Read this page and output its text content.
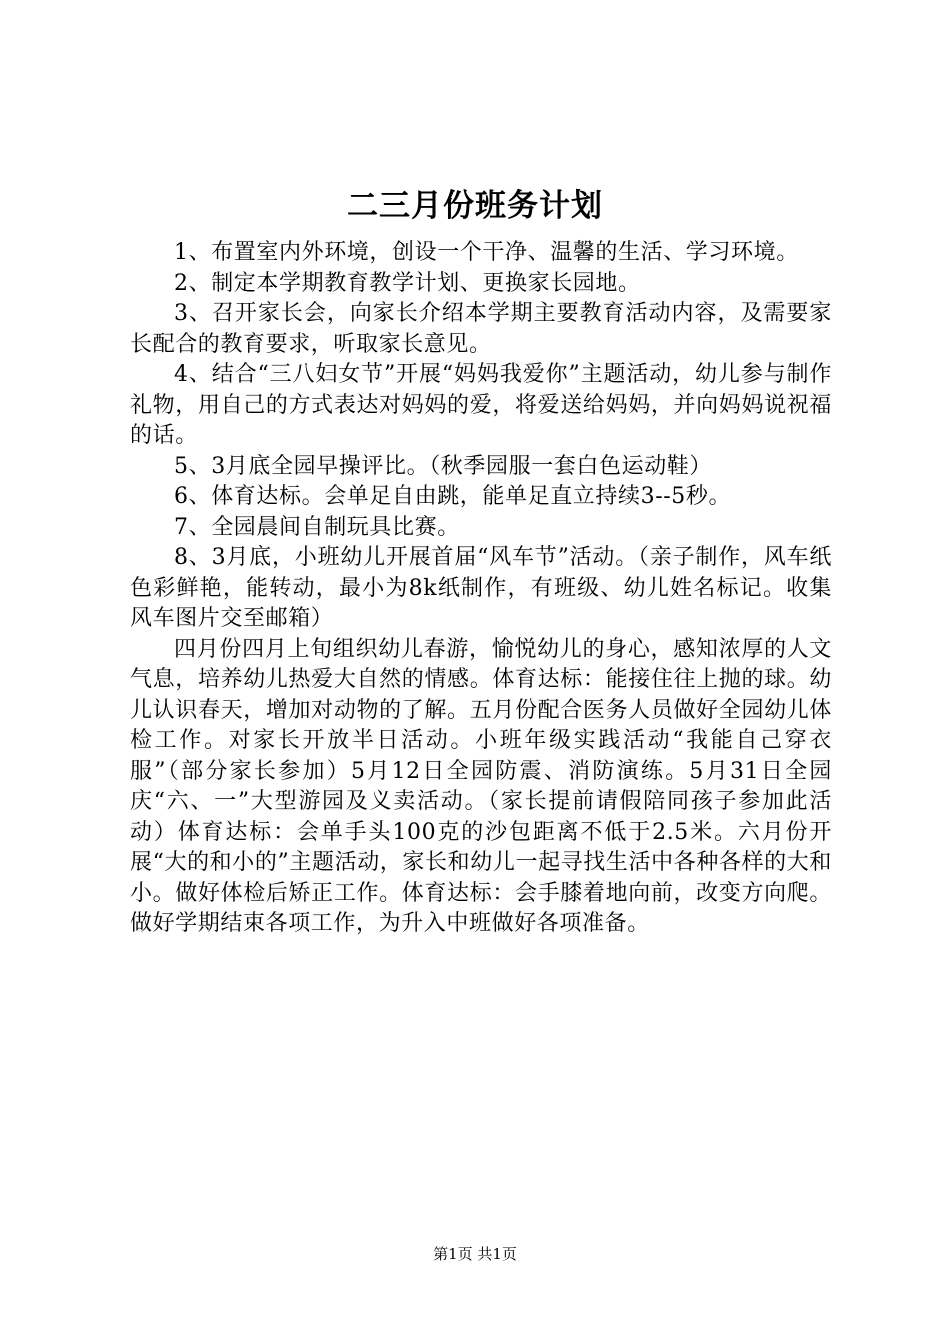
二三月份班务计划

1、布置室内外环境，创设一个干净、温馨的生活、学习环境。

2、制定本学期教育教学计划、更换家长园地。

3、召开家长会，向家长介绍本学期主要教育活动内容，及需要家长配合的教育要求，听取家长意见。

4、结合“三八妇女节”开展“妈妈我爱你”主题活动，幼儿参与制作礼物，用自己的方式表达对妈妈的爱，将爱送给妈妈，并向妈妈说祝福的话。

5、3月底全园早操评比。（秋季园服一套白色运动鞋）

6、体育达标。会单足自由跳，能单足直立持续3--5秒。

7、全园晨间自制玩具比赛。

8、3月底，小班幼儿开展首届“风车节”活动。（亲子制作，风车纸色彩鲜艳，能转动，最小为8k纸制作，有班级、幼儿姓名标记。收集风车图片交至邮箱）

四月份四月上旬组织幼儿春游，愉悦幼儿的身心，感知浓厚的人文气息，培养幼儿热爱大自然的情感。体育达标：能接住往上抛的球。幼儿认识春天，增加对动物的了解。五月份配合医务人员做好全园幼儿体检工作。对家长开放半日活动。小班年级实践活动“我能自己穿衣服”（部分家长参加）5月12日全园防震、消防演练。5月31日全园庆“六、一”大型游园及义卖活动。（家长提前请假陪同孩子参加此活动）体育达标：会单手头100克的沙包距离不低于2.5米。六月份开展“大的和小的”主题活动，家长和幼儿一起寻找生活中各种各样的大和小。做好体检后矫正工作。体育达标：会手膝着地向前，改变方向爬。做好学期结束各项工作，为升入中班做好各项准备。

第1页 共1页
